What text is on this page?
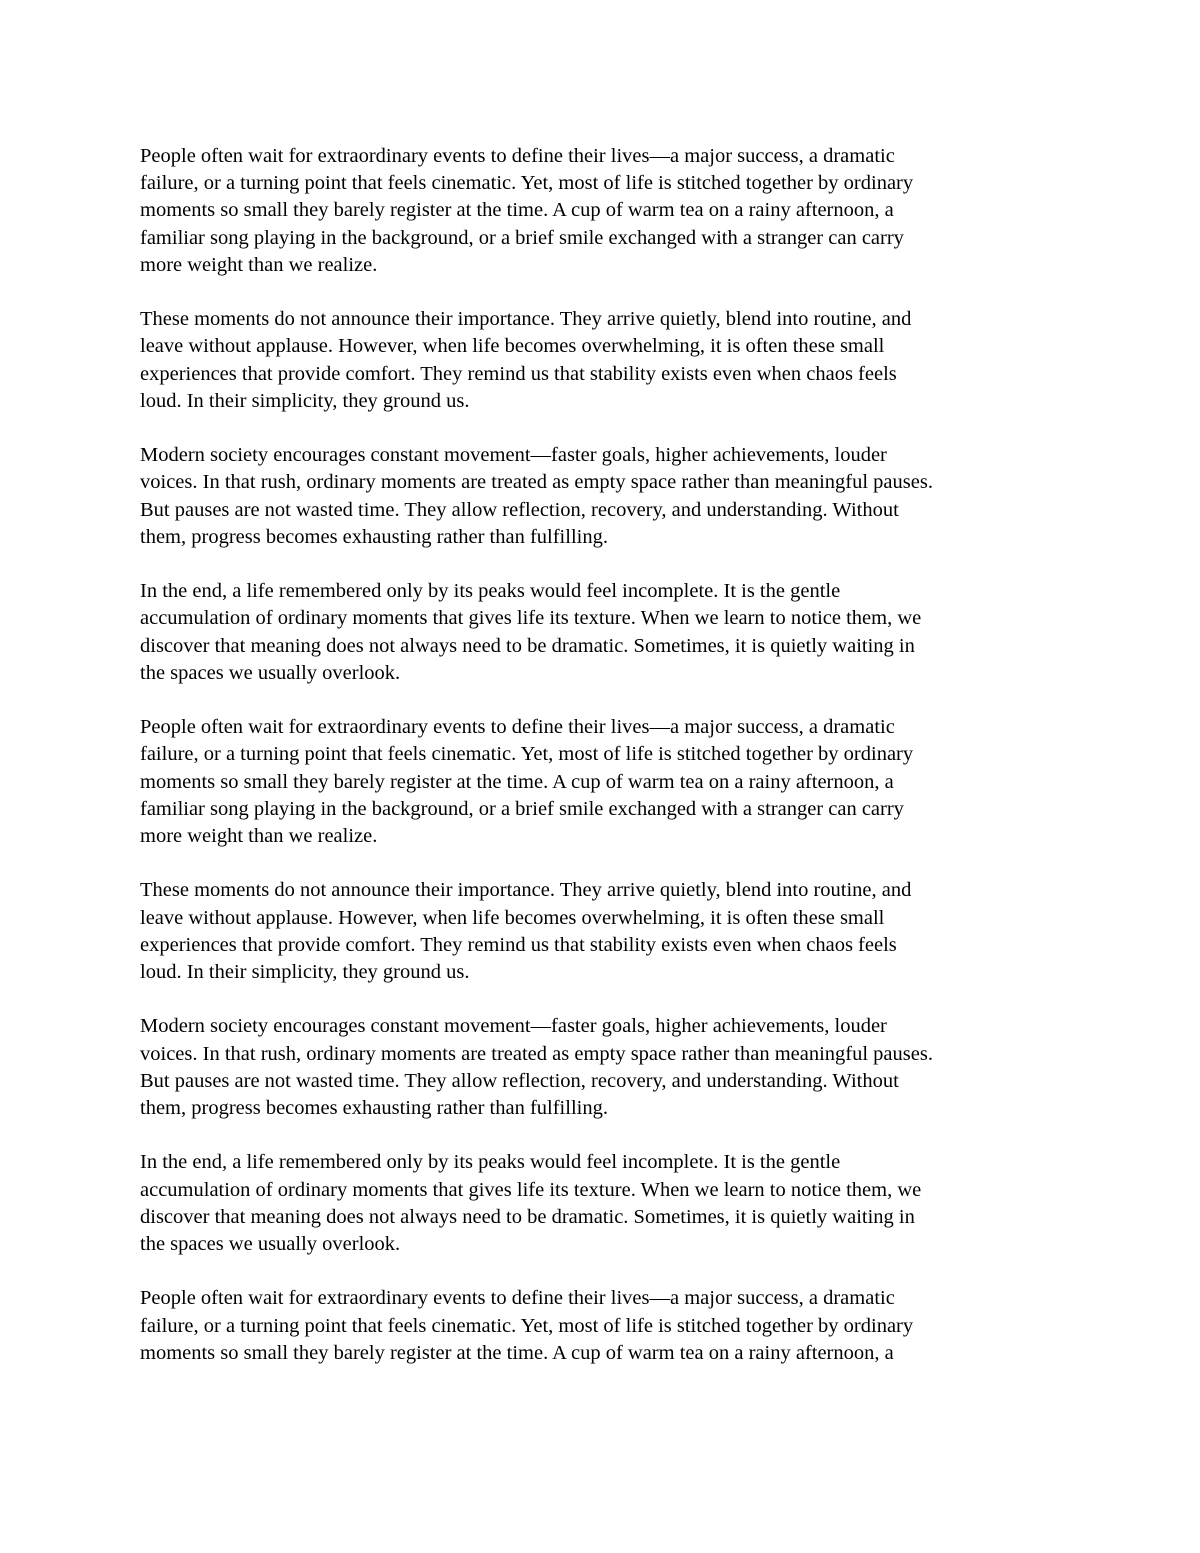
People often wait for extraordinary events to define their lives—a major success, a dramatic
failure, or a turning point that feels cinematic. Yet, most of life is stitched together by ordinary
moments so small they barely register at the time. A cup of warm tea on a rainy afternoon, a
familiar song playing in the background, or a brief smile exchanged with a stranger can carry
more weight than we realize.

These moments do not announce their importance. They arrive quietly, blend into routine, and
leave without applause. However, when life becomes overwhelming, it is often these small
experiences that provide comfort. They remind us that stability exists even when chaos feels
loud. In their simplicity, they ground us.

Modern society encourages constant movement—faster goals, higher achievements, louder
voices. In that rush, ordinary moments are treated as empty space rather than meaningful pauses.
But pauses are not wasted time. They allow reflection, recovery, and understanding. Without
them, progress becomes exhausting rather than fulfilling.

In the end, a life remembered only by its peaks would feel incomplete. It is the gentle
accumulation of ordinary moments that gives life its texture. When we learn to notice them, we
discover that meaning does not always need to be dramatic. Sometimes, it is quietly waiting in
the spaces we usually overlook.

People often wait for extraordinary events to define their lives—a major success, a dramatic
failure, or a turning point that feels cinematic. Yet, most of life is stitched together by ordinary
moments so small they barely register at the time. A cup of warm tea on a rainy afternoon, a
familiar song playing in the background, or a brief smile exchanged with a stranger can carry
more weight than we realize.

These moments do not announce their importance. They arrive quietly, blend into routine, and
leave without applause. However, when life becomes overwhelming, it is often these small
experiences that provide comfort. They remind us that stability exists even when chaos feels
loud. In their simplicity, they ground us.

Modern society encourages constant movement—faster goals, higher achievements, louder
voices. In that rush, ordinary moments are treated as empty space rather than meaningful pauses.
But pauses are not wasted time. They allow reflection, recovery, and understanding. Without
them, progress becomes exhausting rather than fulfilling.

In the end, a life remembered only by its peaks would feel incomplete. It is the gentle
accumulation of ordinary moments that gives life its texture. When we learn to notice them, we
discover that meaning does not always need to be dramatic. Sometimes, it is quietly waiting in
the spaces we usually overlook.

People often wait for extraordinary events to define their lives—a major success, a dramatic
failure, or a turning point that feels cinematic. Yet, most of life is stitched together by ordinary
moments so small they barely register at the time. A cup of warm tea on a rainy afternoon, a
